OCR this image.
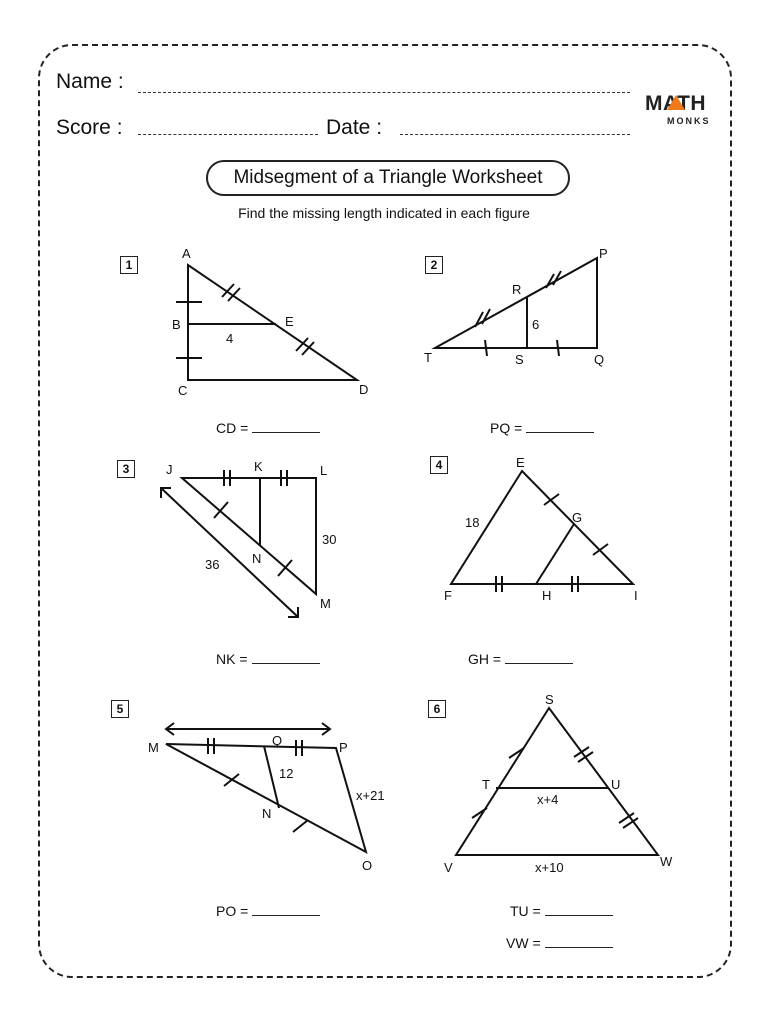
Name :
Score :	Date :
MATH
MONKS
Midsegment of a Triangle Worksheet
Find the missing length indicated in each figure
1	2
3	4
5	6
A
B
C	D
E
4
P
R
T	S	Q
6
J	K	L
N
M
36
30
E
G
F	H	I
18
M	Q	P
N
O
12
x+21
S
T	U
V	W
x+4
x+10
CD =	PQ =
NK =	GH =
PO =	TU =
VW =
